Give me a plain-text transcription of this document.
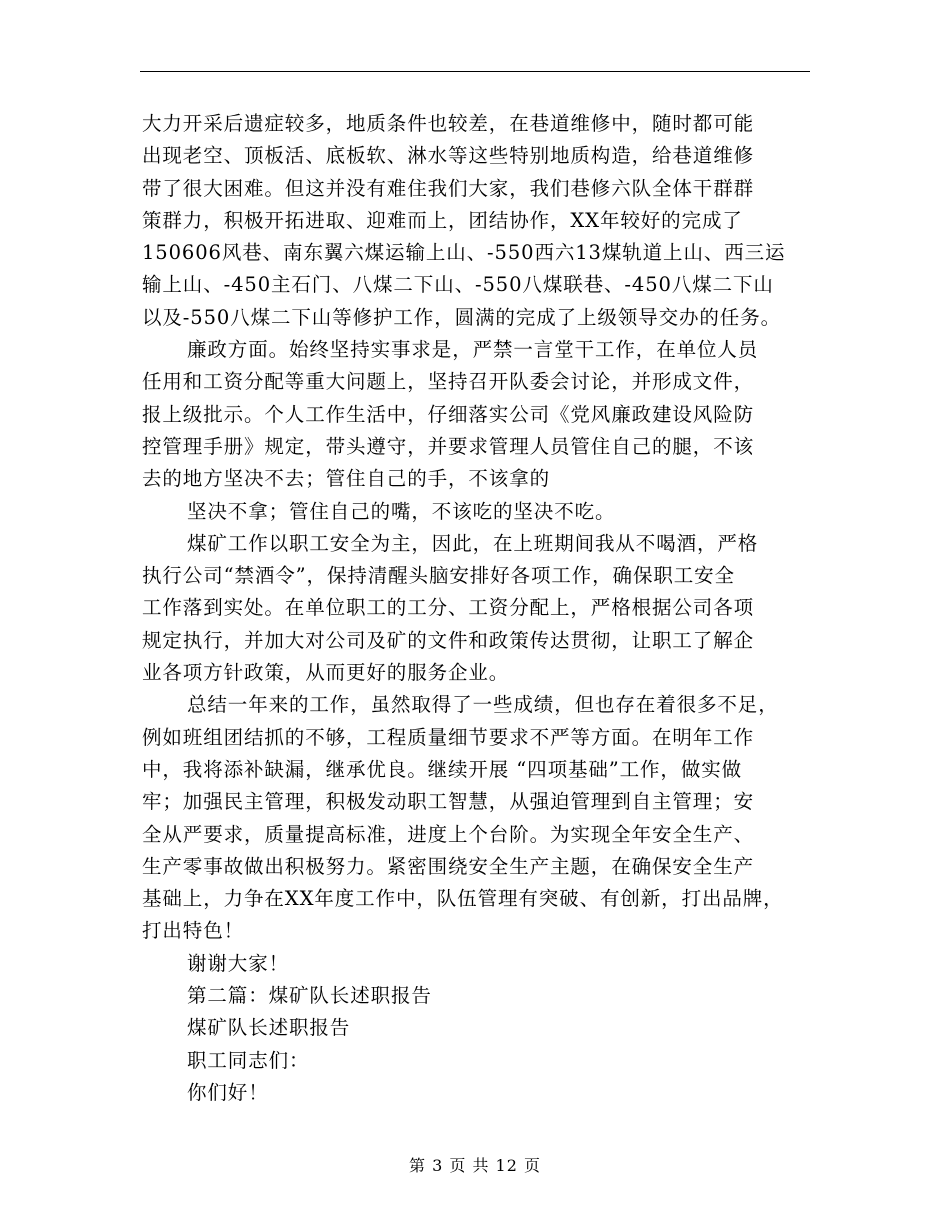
大力开采后遗症较多，地质条件也较差，在巷道维修中，随时都可能
出现老空、顶板活、底板软、淋水等这些特别地质构造，给巷道维修
带了很大困难。但这并没有难住我们大家，我们巷修六队全体干群群
策群力，积极开拓进取、迎难而上，团结协作，XX年较好的完成了
150606风巷、南东翼六煤运输上山、-550西六13煤轨道上山、西三运
输上山、-450主石门、八煤二下山、-550八煤联巷、-450八煤二下山
以及-550八煤二下山等修护工作，圆满的完成了上级领导交办的任务。
廉政方面。始终坚持实事求是，严禁一言堂干工作，在单位人员
任用和工资分配等重大问题上，坚持召开队委会讨论，并形成文件，
报上级批示。个人工作生活中，仔细落实公司《党风廉政建设风险防
控管理手册》规定，带头遵守，并要求管理人员管住自己的腿，不该
去的地方坚决不去；管住自己的手，不该拿的
坚决不拿；管住自己的嘴，不该吃的坚决不吃。
煤矿工作以职工安全为主，因此，在上班期间我从不喝酒，严格
执行公司“禁酒令”，保持清醒头脑安排好各项工作，确保职工安全
工作落到实处。在单位职工的工分、工资分配上，严格根据公司各项
规定执行，并加大对公司及矿的文件和政策传达贯彻，让职工了解企
业各项方针政策，从而更好的服务企业。
总结一年来的工作，虽然取得了一些成绩，但也存在着很多不足，
例如班组团结抓的不够，工程质量细节要求不严等方面。在明年工作
中，我将添补缺漏，继承优良。继续开展 “四项基础”工作，做实做
牢；加强民主管理，积极发动职工智慧，从强迫管理到自主管理；安
全从严要求，质量提高标准，进度上个台阶。为实现全年安全生产、
生产零事故做出积极努力。紧密围绕安全生产主题，在确保安全生产
基础上，力争在XX年度工作中，队伍管理有突破、有创新，打出品牌，
打出特色！
谢谢大家！
第二篇：煤矿队长述职报告
煤矿队长述职报告
职工同志们：
你们好！
第 3 页 共 12 页
